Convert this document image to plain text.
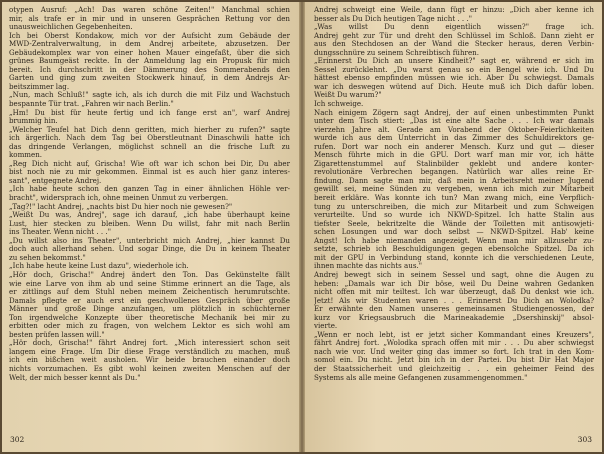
otypen Ausruf: „Ach! Das waren schöne Zeiten!" Manchmal schien
mir, als trafe er in mir und in unseren Gesprächen Rettung vor den
unausweichlichen Gegebenheiten.
Ich bei Oberst Kondakow, mich vor der Aufsicht zum Gebäude der
MWD-Zentralverwaltung, in dem Andrej arbeitete, abzusetzen. Der
Gebäudekomplex war von einer hohen Mauer eingefaßt, über die sich
grünes Baumgeäst reckte. In der Anmeldung lag ein Propusk für mich
bereit. Ich durchschritt in der Dämmerung des Sommerabends den
Garten und ging zum zweiten Stockwerk hinauf, in dem Andrejs Ar-
beitszimmer lag.
„Nun, mach Schluß!" sagte ich, als ich durch die mit Filz und Wachstuch
bespannte Tür trat. „Fahren wir nach Berlin."
„Hm! Du bist für heute fertig und ich fange erst an", warf Andrej
brummig hin.
„Welcher Teufel hat Dich denn geritten, mich hierher zu rufen?" sagte
ich ärgerlich. Nach dem Tag bei Oberstleutnant Dinaschwili hatte ich
das dringende Verlangen, möglichst schnell an die frische Luft zu
kommen.
„Reg Dich nicht auf, Grischa! Wie oft war ich schon bei Dir, Du aber
bist noch nie zu mir gekommen. Einmal ist es auch hier ganz interes-
sant", entgegnete Andrej.
„Ich habe heute schon den ganzen Tag in einer ähnlichen Höhle ver-
bracht", widersprach ich, ohne meinen Unmut zu verbergen.
„Tag?!" lacht Andrej, „nachts bist Du hier noch nie gewesen?"
„Weißt Du was, Andrej", sage ich darauf, „ich habe überhaupt keine
Lust, hier stecken zu bleiben. Wenn Du willst, fahr mit nach Berlin
ins Theater. Wenn nicht . . ."
„Du willst also ins Theater", unterbricht mich Andrej, „hier kannst Du
doch auch allerhand sehen. Und sogar Dinge, die Du in keinem Theater
zu sehen bekommst."
„Ich habe heute keine Lust dazu", wiederhole ich.
„Hör doch, Grischa!" Andrej ändert den Ton. Das Gekünstelte fällt
wie eine Larve von ihm ab und seine Stimme erinnert an die Tage, als
er zittlings auf dem Stuhl neben meinem Zeichentisch herumrutschte.
Damals pflegte er auch erst ein geschwollenes Gespräch über große
Männer und große Dinge anzufangen, um plötzlich in schüchterner
Ton irgendwelche Konzepte über theoretische Mechanik bei mir zu
erbitten oder mich zu fragen, von welchem Lektor es sich wohl am
besten prüfen lassen will."
„Hör doch, Grischa!" fährt Andrej fort. „Mich interessiert schon seit
langem eine Frage. Um Dir diese Frage verständlich zu machen, muß
ich ein bißchen weit ausholen. Wir beide brauchen einander doch
nichts vorzumachen. Es gibt wohl keinen zweiten Menschen auf der
Welt, der mich besser kennt als Du."
302
Andrej schweigt eine Weile, dann fügt er hinzu: „Dich aber kenne ich
besser als Du Dich heutigen Tage nicht . . ."
„Was willst Du denn eigentlich wissen?" frage ich.
Andrej geht zur Tür und dreht den Schlüssel im Schloß. Dann zieht er
aus den Stechdosen an der Wand die Stecker heraus, deren Verbin-
dungsschnüre zu seinem Schreibtisch führen.
„Erinnerst Du Dich an unsere Kindheit?" sagt er, während er sich im
Sessel zurücklehnt. „Du warst genau so ein Bengel wie ich. Und Du
hättest ebenso empfinden müssen wie ich. Aber Du schwiegst. Damals
war ich deswegen wütend auf Dich. Heute muß ich Dich dafür loben.
Weißt Du warum?"
Ich schweige.
Nach einigem Zögern sagt Andrej, der auf einen unbestimmten Punkt
unter dem Tisch stiert: „Das ist eine alte Sache . . . Ich war damals
vierzehn Jahre alt. Gerade am Vorabend der Oktober-Feierlichkeiten
wurde ich aus dem Unterricht in das Zimmer des Schuldirektors ge-
rufen. Dort war noch ein anderer Mensch. Kurz und gut — dieser
Mensch führte mich in die GPU. Dort warf man mir vor, ich hätte
Zigarettenstummel auf Stalinbilder geklebt und andere konter-
revolutionäre Verbrechen begangen. Natürlich war alles reine Er-
findung. Dann sagte man mir, daß mein in Arbeitsreht meiner Jugend
gewillt sei, meine Sünden zu vergeben, wenn ich mich zur Mitarbeit
bereit erkläre. Was konnte ich tun? Man zwang mich, eine Verpflich-
tung zu unterschreiben, die mich zur Mitarbeit und zum Schweigen
verurteilte. Und so wurde ich NKWD-Spitzel. Ich hatte Stalin aus
tiefster Seele, bekritzelte die Wände der Toiletten mit antisowjeti-
schen Losungen und war doch selbst — NKWD-Spitzel. Hab' keine
Angst! Ich habe niemanden angezeigt. Wenn man mir allzusehr zu-
setzte, schrieb ich Beschuldigungen gegen ebensolche Spitzel. Da ich
mit der GPU in Verbindung stand, konnte ich die verschiedenen Leute,
ihnen machte das nichts aus."
Andrej bewegt sich in seinem Sessel und sagt, ohne die Augen zu
heben: „Damals war ich Dir böse, weil Du Deine wahren Gedanken
nicht offen mit mir teiltest. Ich war überzeugt, daß Du denkst wie ich.
Jetzt! Als wir Studenten waren . . . Erinnerst Du Dich an Wolodka?
Er erwähnte den Namen unseres gemeinsamen Studiengenossen, der
kurz vor Kriegsausbruch die Marineakademie „Dsershinskij" absol-
vierte.
„Wenn er noch lebt, ist er jetzt sicher Kommandant eines Kreuzers",
fährt Andrej fort. „Wolodka sprach offen mit mir . . . Du aber schwiegst
nach wie vor. Und weiter ging das immer so fort. Ich trat in den Kom-
somol ein. Du nicht. Jetzt bin ich in der Partei. Du bist Dir Hat Major
der Staatssicherheit und gleichzeitig . . . ein geheimer Feind des
Systems als alle meine Gefangenen zusammengenommen."
303
